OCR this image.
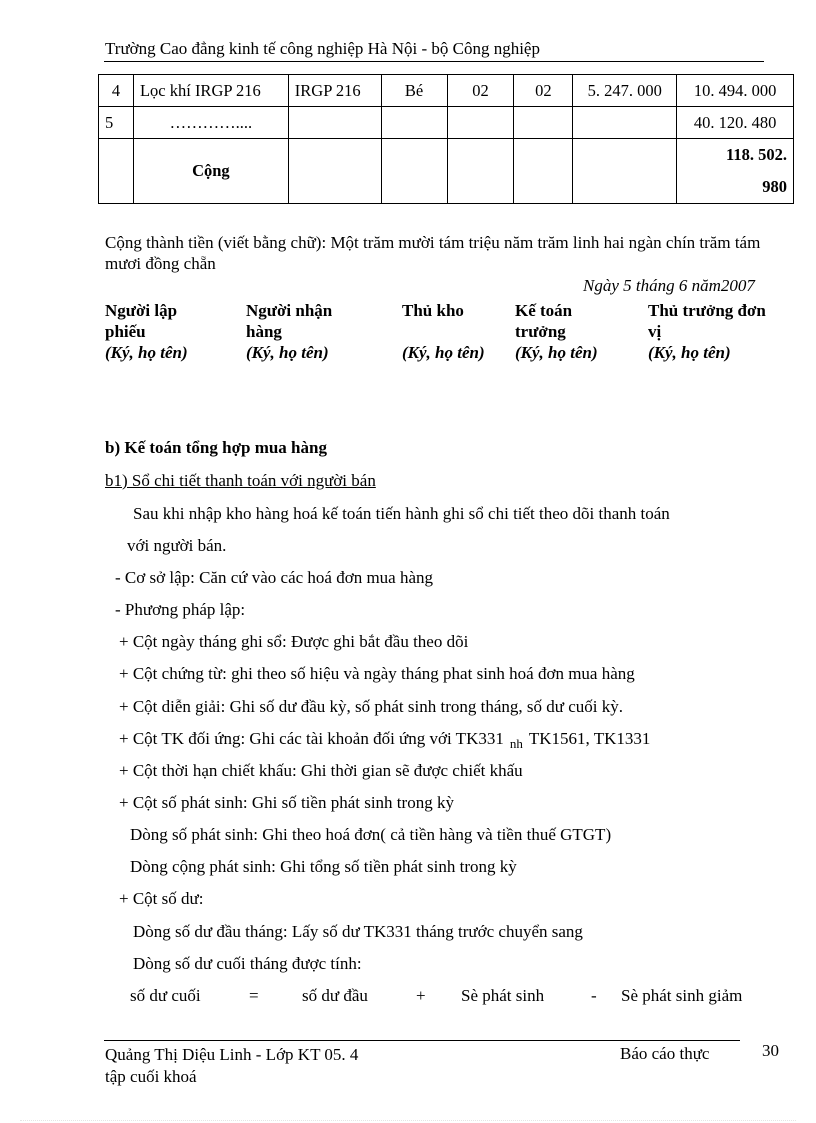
Trường Cao đẳng kinh tế công nghiệp Hà Nội - bộ Công nghiệp
4	Lọc khí IRGP 216	IRGP 216	Bé	02	02	5. 247. 000	10. 494. 000
5	…………....						40. 120. 480
	Cộng						118. 502.
980
Cộng thành tiền (viết bằng chữ): Một trăm mười tám triệu năm trăm linh hai ngàn chín trăm tám mươi đồng chẵn
Ngày 5 tháng 6 năm2007
Người lập
phiếu
(Ký, họ tên)
Người nhận
hàng
(Ký, họ tên)
Thủ kho
(Ký, họ tên)
Kế toán
trưởng
(Ký, họ tên)
Thủ trưởng đơn
vị
(Ký, họ tên)
b) Kế toán tổng hợp mua hàng
b1) Sổ chi tiết thanh toán với người bán
Sau khi nhập kho hàng hoá kế toán tiến hành ghi sổ chi tiết theo dõi thanh toán
với người bán.
- Cơ sở lập: Căn cứ vào các hoá đơn mua hàng
- Phương pháp lập:
+ Cột ngày tháng ghi sổ: Được ghi bắt đầu theo dõi
+ Cột chứng từ: ghi theo số hiệu và ngày tháng phat sinh hoá đơn mua hàng
+ Cột diễn giải: Ghi số dư đầu kỳ, số phát sinh trong tháng, số dư cuối kỳ.
+ Cột TK đối ứng: Ghi các tài khoản đối ứng với TK331 $_{nh}$ TK1561, TK1331
+ Cột thời hạn chiết khấu: Ghi thời gian sẽ được chiết khấu
+ Cột số phát sinh: Ghi số tiền phát sinh trong kỳ
Dòng số phát sinh: Ghi theo hoá đơn( cả tiền hàng và tiền thuế GTGT)
Dòng cộng phát sinh: Ghi tổng số tiền phát sinh trong kỳ
+ Cột số dư:
Dòng số dư đầu tháng: Lấy số dư TK331 tháng trước chuyển sang
Dòng số dư cuối tháng được tính:
số dư cuối	=	số dư đầu	+ Sè phát sinh	- Sè phát sinh giảm
Quảng Thị Diệu Linh - Lớp KT 05. 4
tập cuối khoá
Báo cáo thực	30
